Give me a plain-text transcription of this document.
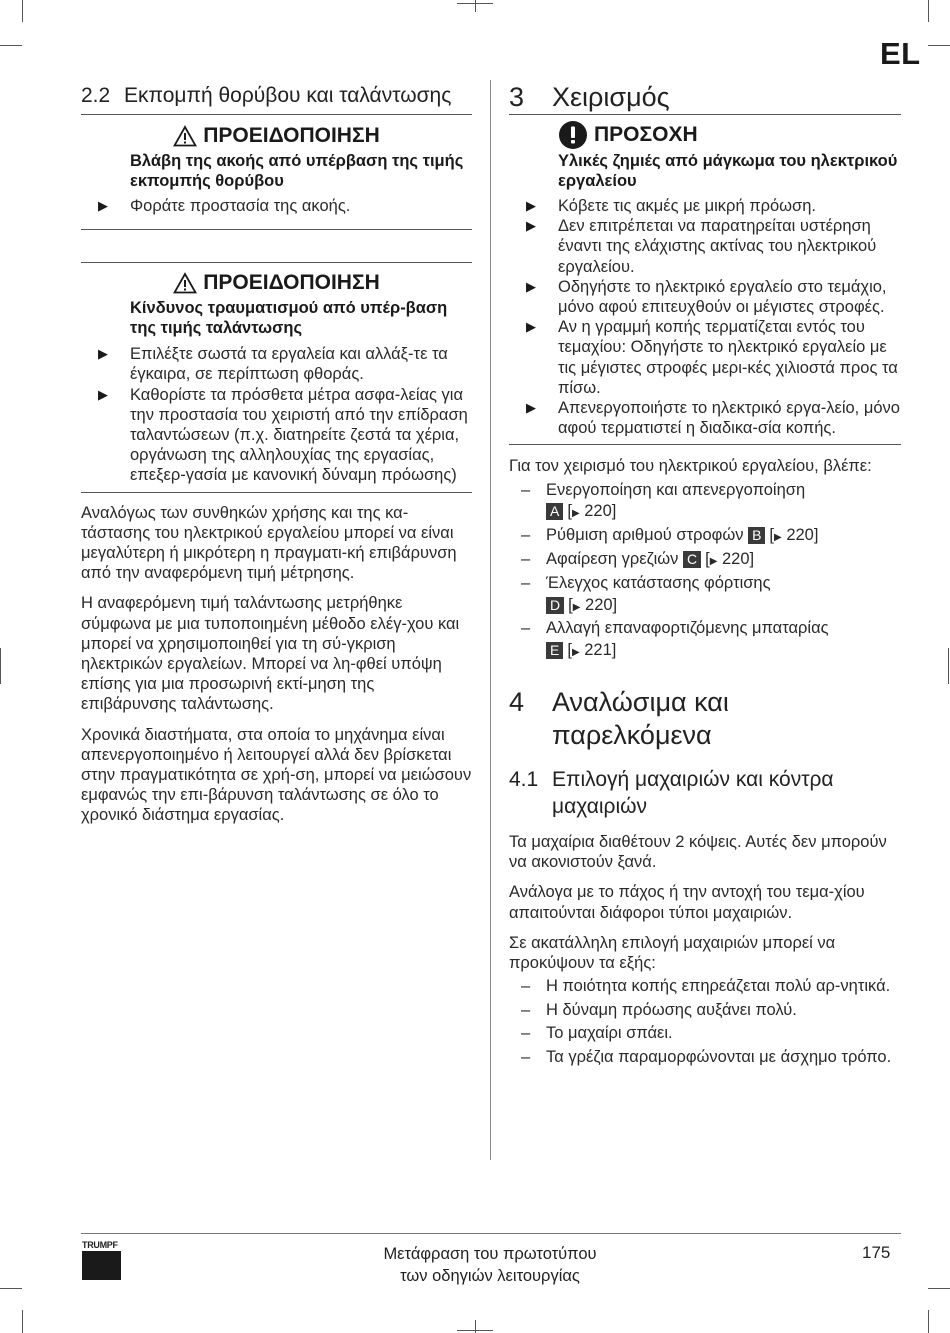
EL
2.2 Εκπομπή θορύβου και ταλάντωσης
ΠΡΟΕΙΔΟΠΟΙΗΣΗ
Βλάβη της ακοής από υπέρβαση της τιμής εκπομπής θορύβου
▶	Φοράτε προστασία της ακοής.
ΠΡΟΕΙΔΟΠΟΙΗΣΗ
Κίνδυνος τραυματισμού από υπέρ-βαση της τιμής ταλάντωσης
▶	Επιλέξτε σωστά τα εργαλεία και αλλάξ-τε τα έγκαιρα, σε περίπτωση φθοράς.
▶	Καθορίστε τα πρόσθετα μέτρα ασφα-λείας για την προστασία του χειριστή από την επίδραση ταλαντώσεων (π.χ. διατηρείτε ζεστά τα χέρια, οργάνωση της αλληλουχίας της εργασίας, επεξερ-γασία με κανονική δύναμη πρόωσης)

Αναλόγως των συνθηκών χρήσης και της κα-τάστασης του ηλεκτρικού εργαλείου μπορεί να είναι μεγαλύτερη ή μικρότερη η πραγματι-κή επιβάρυνση από την αναφερόμενη τιμή μέτρησης.

Η αναφερόμενη τιμή ταλάντωσης μετρήθηκε σύμφωνα με μια τυποποιημένη μέθοδο ελέγ-χου και μπορεί να χρησιμοποιηθεί για τη σύ-γκριση ηλεκτρικών εργαλείων. Μπορεί να λη-φθεί υπόψη επίσης για μια προσωρινή εκτί-μηση της επιβάρυνσης ταλάντωσης.

Χρονικά διαστήματα, στα οποία το μηχάνημα είναι απενεργοποιημένο ή λειτουργεί αλλά δεν βρίσκεται στην πραγματικότητα σε χρή-ση, μπορεί να μειώσουν εμφανώς την επι-βάρυνση ταλάντωσης σε όλο το χρονικό διάστημα εργασίας.

3	Χειρισμός
ΠΡΟΣΟΧΗ
Υλικές ζημιές από μάγκωμα του ηλεκτρικού εργαλείου
▶	Κόβετε τις ακμές με μικρή πρόωση.
▶	Δεν επιτρέπεται να παρατηρείται υστέρηση έναντι της ελάχιστης ακτίνας του ηλεκτρικού εργαλείου.
▶	Οδηγήστε το ηλεκτρικό εργαλείο στο τεμάχιο, μόνο αφού επιτευχθούν οι μέγιστες στροφές.
▶	Αν η γραμμή κοπής τερματίζεται εντός του τεμαχίου: Οδηγήστε το ηλεκτρικό εργαλείο με τις μέγιστες στροφές μερι-κές χιλιοστά προς τα πίσω.
▶	Απενεργοποιήστε το ηλεκτρικό εργα-λείο, μόνο αφού τερματιστεί η διαδικα-σία κοπής.

Για τον χειρισμό του ηλεκτρικού εργαλείου, βλέπε:

– Ενεργοποίηση και απενεργοποίηση
A [▶ 220]
– Ρύθμιση αριθμού στροφών B [▶ 220]
– Αφαίρεση γρεζιών C [▶ 220]
– Έλεγχος κατάστασης φόρτισης
D [▶ 220]
– Αλλαγή επαναφορτιζόμενης μπαταρίας
E [▶ 221]
4	Αναλώσιμα και παρελκόμενα
4.1 Επιλογή μαχαιριών και κόντρα μαχαιριών

Τα μαχαίρια διαθέτουν 2 κόψεις. Αυτές δεν μπορούν να ακονιστούν ξανά.

Ανάλογα με το πάχος ή την αντοχή του τεμα-χίου απαιτούνται διάφοροι τύποι μαχαιριών.

Σε ακατάλληλη επιλογή μαχαιριών μπορεί να προκύψουν τα εξής:

– Η ποιότητα κοπής επηρεάζεται πολύ αρ-νητικά.
– Η δύναμη πρόωσης αυξάνει πολύ.
– Το μαχαίρι σπάει.
– Τα γρέζια παραμορφώνονται με άσχημο τρόπο.
TRUMPF	Μετάφραση του πρωτοτύπου
των οδηγιών λειτουργίας
175
